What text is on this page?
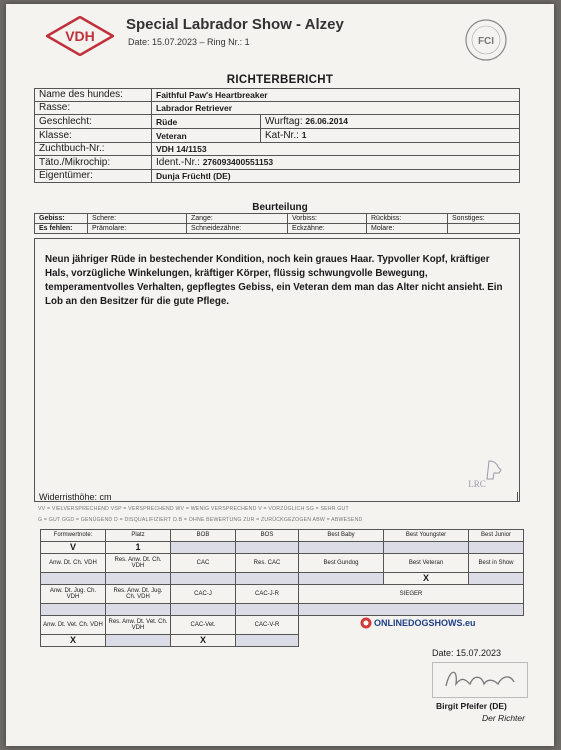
VDH
Special Labrador Show - Alzey
Date: 15.07.2023 – Ring Nr.: 1	FCI
RICHTERBERICHT
Name des hundes:	Faithful Paw's Heartbreaker	
Rasse:	Labrador Retriever	
Geschlecht:	Rüde	Wurftag: 26.06.2014
Klasse:	Veteran	Kat-Nr.: 1
Zuchtbuch-Nr.:	VDH 14/1153	
Täto./Mikrochip:	Ident.-Nr.: 276093400551153	
Eigentümer:	Dunja Früchtl (DE)	
Beurteilung
Gebiss:	Schere:	Zange:	Vorbiss:	Rückbiss:	Sonstiges:
Es fehlen:	Prämolare:	Schneidezähne:	Eckzähne:	Molare:	
Neun jähriger Rüde in bestechender Kondition, noch kein graues Haar. Typvoller Kopf, kräftiger Hals, vorzügliche Winkelungen, kräftiger Körper, flüssig schwungvolle Bewegung, temperamentvolles Verhalten, gepflegtes Gebiss, ein Veteran dem man das Alter nicht ansieht. Ein Lob an den Besitzer für die gute Pflege.
LRC
Widerristhöhe: cm
VV = VIELVERSPRECHEND VSP = VERSPRECHEND WV = WENIG VERSPRECHEND V = VORZÜGLICH SG = SEHR GUT
G = GUT GGD = GENÜGEND D = DISQUALIFIZIERT O.B = OHNE BEWERTUNG ZUR = ZURÜCKGEZOGEN ABW = ABWESEND
Formwertnote:	Platz	BOB	BOS	Best Baby	Best Youngster	Best Junior
V	1					
Anw. Dt. Ch. VDH	Res. Anw. Dt. Ch. VDH	CAC	Res. CAC	Best Gundog	Best Veteran	Best in Show
					X	
Anw. Dt. Jug. Ch. VDH	Res. Anw. Dt. Jug. Ch. VDH	CAC-J	CAC-J-R	SIEGER		

Anw. Dt. Vet. Ch. VDH	Res. Anw. Dt. Vet. Ch. VDH	CAC-Vet.	CAC-V-R			
X		X				
ONLINEDOGSHOWS.eu
Date: 15.07.2023
Birgit Pfeifer (DE)
Der Richter
